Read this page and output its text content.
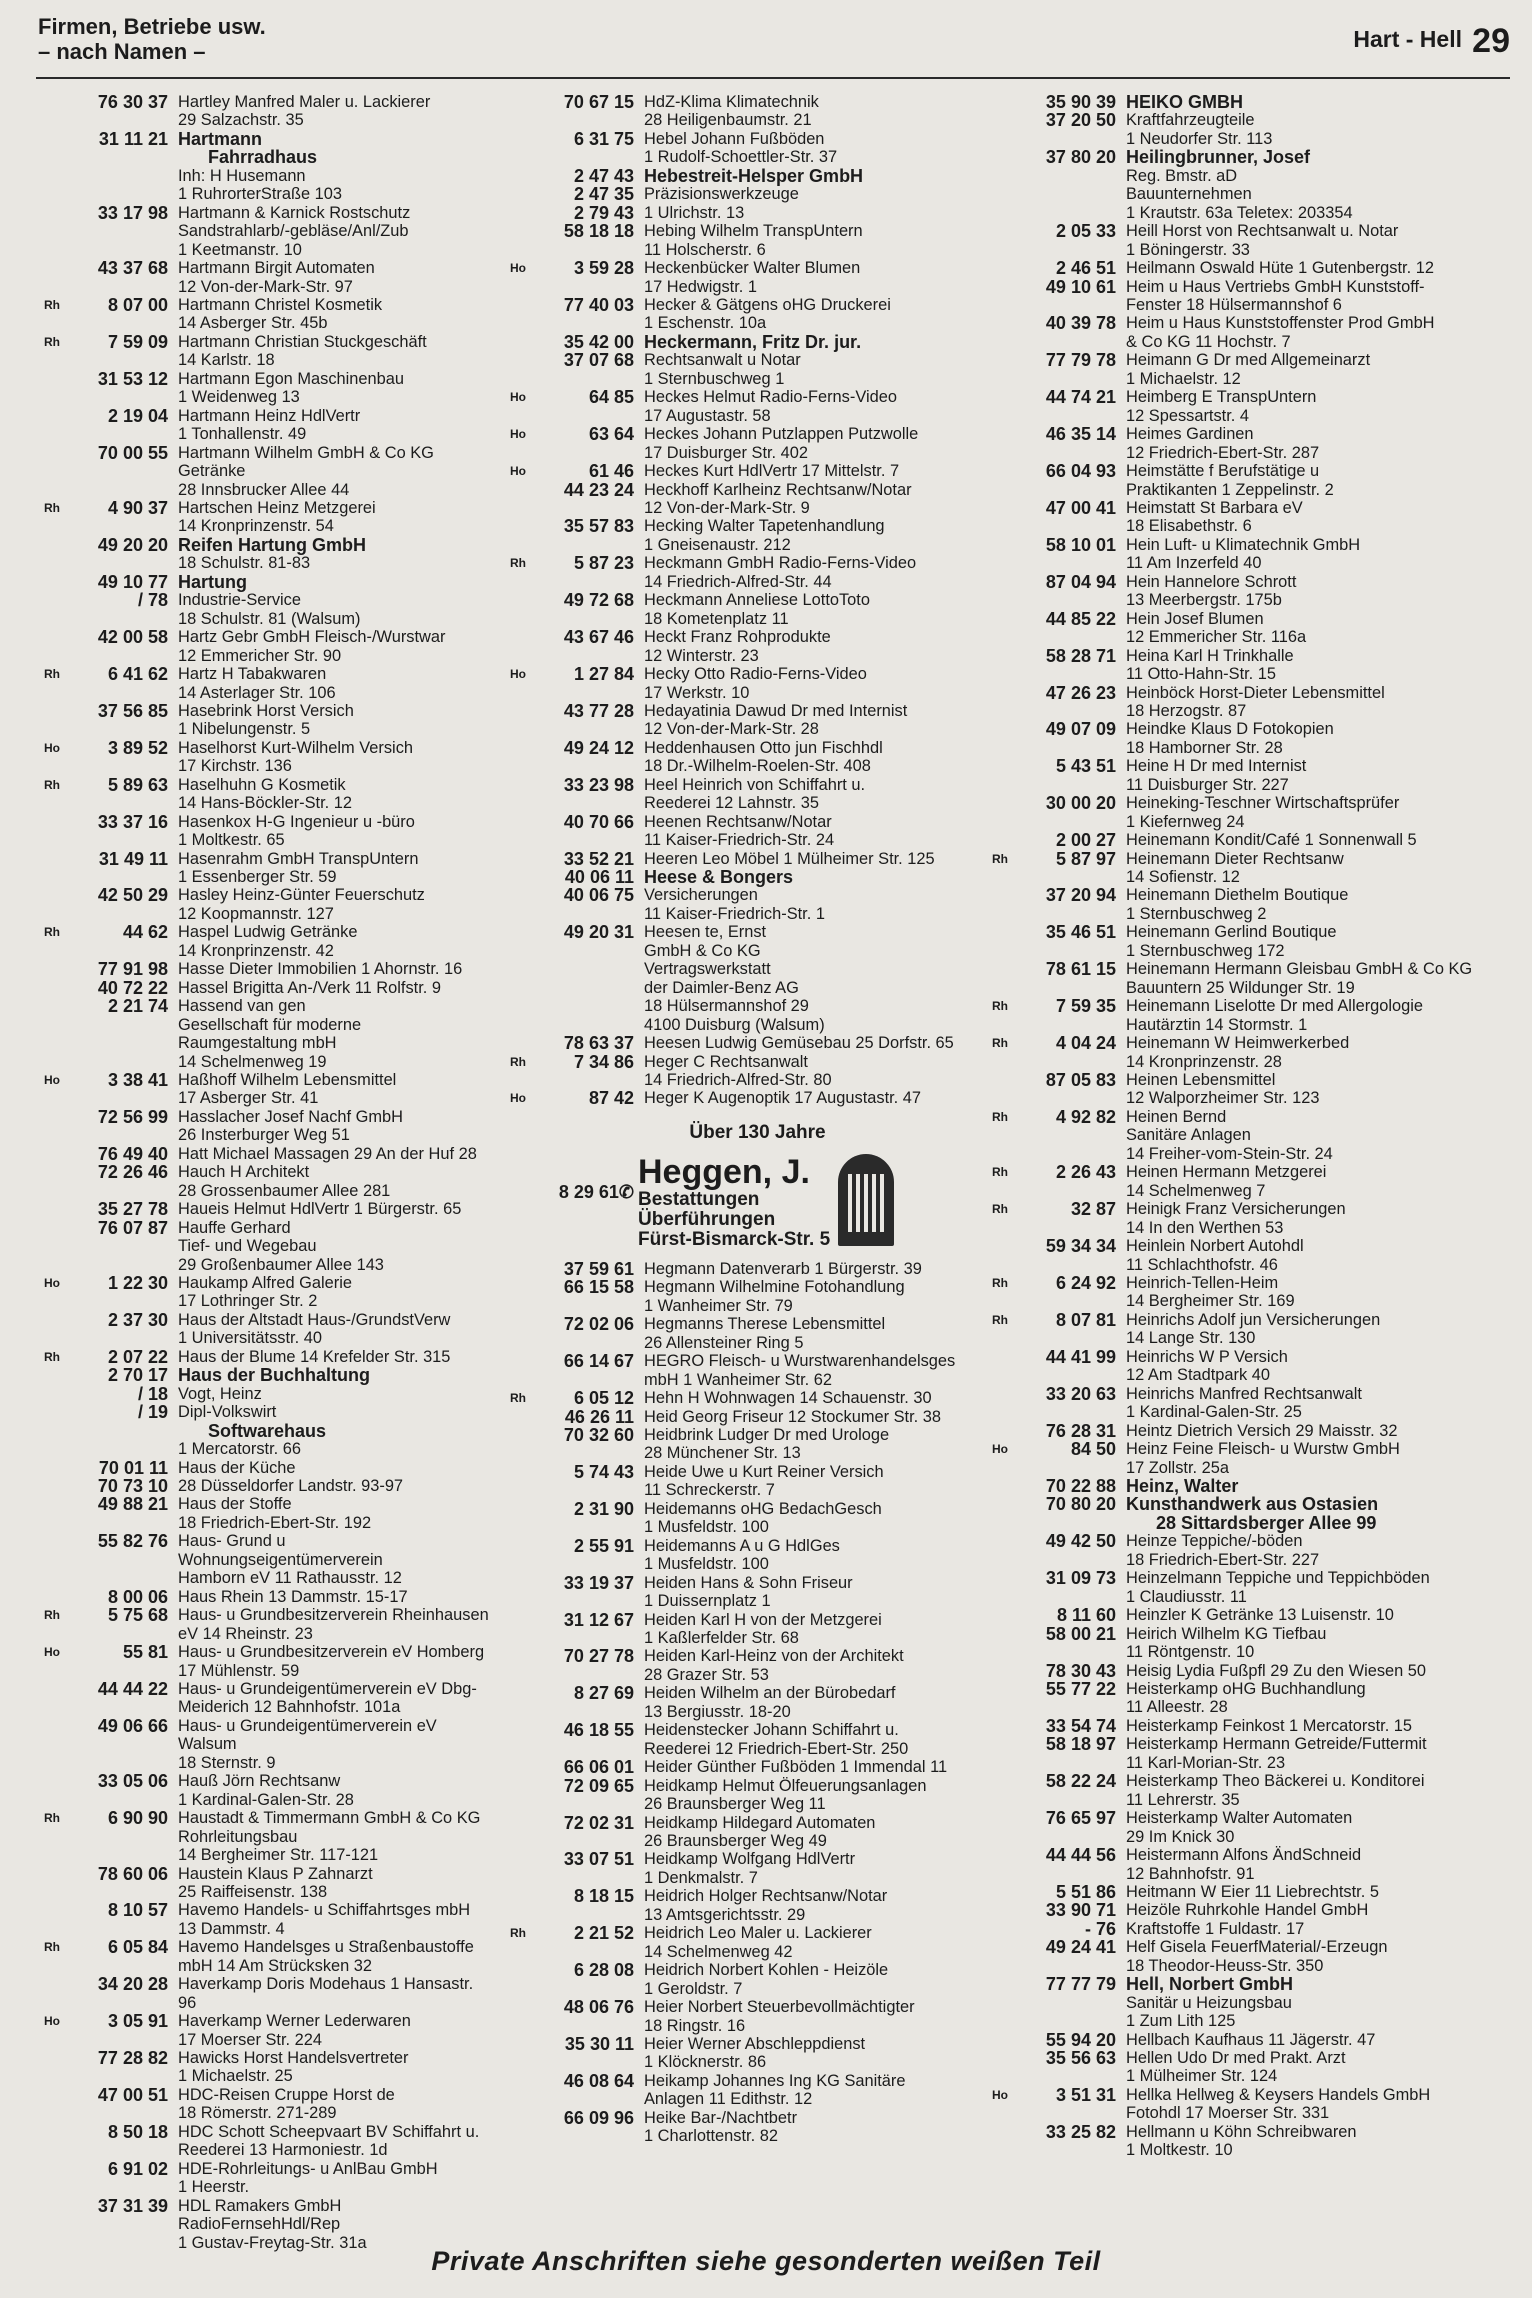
Firmen, Betriebe usw.
– nach Namen –	Hart - Hell 29
76 30 37 Hartley Manfred Maler u. Lackierer
29 Salzachstr. 35
31 11 21 Hartmann
Fahrradhaus
Inh: H Husemann
1 RuhrorterStraße 103
33 17 98 Hartmann & Karnick Rostschutz
Sandstrahlarb/-gebläse/Anl/Zub
1 Keetmanstr. 10
43 37 68 Hartmann Birgit Automaten
12 Von-der-Mark-Str. 97
Rh	8 07 00 Hartmann Christel Kosmetik
14 Asberger Str. 45b
Rh	7 59 09 Hartmann Christian Stuckgeschäft
14 Karlstr. 18
31 53 12 Hartmann Egon Maschinenbau
1 Weidenweg 13
2 19 04 Hartmann Heinz HdlVertr
1 Tonhallenstr. 49
70 00 55 Hartmann Wilhelm GmbH & Co KG Getränke
28 Innsbrucker Allee 44
Rh	4 90 37 Hartschen Heinz Metzgerei
14 Kronprinzenstr. 54
49 20 20 Reifen Hartung GmbH
18 Schulstr. 81-83
49 10 77 Hartung
/ 78 Industrie-Service
18 Schulstr. 81 (Walsum)
42 00 58 Hartz Gebr GmbH Fleisch-/Wurstwar
12 Emmericher Str. 90
Rh	6 41 62 Hartz H Tabakwaren
14 Asterlager Str. 106
37 56 85 Hasebrink Horst Versich
1 Nibelungenstr. 5
Ho	3 89 52 Haselhorst Kurt-Wilhelm Versich
17 Kirchstr. 136
Rh	5 89 63 Haselhuhn G Kosmetik
14 Hans-Böckler-Str. 12
33 37 16 Hasenkox H-G Ingenieur u -büro
1 Moltkestr. 65
31 49 11 Hasenrahm GmbH TranspUntern
1 Essenberger Str. 59
42 50 29 Hasley Heinz-Günter Feuerschutz
12 Koopmannstr. 127
Rh	44 62 Haspel Ludwig Getränke
14 Kronprinzenstr. 42
77 91 98 Hasse Dieter Immobilien 1 Ahornstr. 16
40 72 22 Hassel Brigitta An-/Verk 11 Rolfstr. 9
2 21 74 Hassend van gen
Gesellschaft für moderne
Raumgestaltung mbH
14 Schelmenweg 19
Ho	3 38 41 Haßhoff Wilhelm Lebensmittel
17 Asberger Str. 41
72 56 99 Hasslacher Josef Nachf GmbH
26 Insterburger Weg 51
76 49 40 Hatt Michael Massagen 29 An der Huf 28
72 26 46 Hauch H Architekt
28 Grossenbaumer Allee 281
35 27 78 Haueis Helmut HdlVertr 1 Bürgerstr. 65
76 07 87 Hauffe Gerhard
Tief- und Wegebau
29 Großenbaumer Allee 143
Ho	1 22 30 Haukamp Alfred Galerie
17 Lothringer Str. 2
2 37 30 Haus der Altstadt Haus-/GrundstVerw
1 Universitätsstr. 40
Rh	2 07 22 Haus der Blume 14 Krefelder Str. 315
2 70 17 Haus der Buchhaltung
/ 18 Vogt, Heinz
/ 19 Dipl-Volkswirt
Softwarehaus
1 Mercatorstr. 66
70 01 11 Haus der Küche
70 73 10 28 Düsseldorfer Landstr. 93-97
49 88 21 Haus der Stoffe
18 Friedrich-Ebert-Str. 192
55 82 76 Haus- Grund u Wohnungseigentümerverein
Hamborn eV 11 Rathausstr. 12
8 00 06 Haus Rhein 13 Dammstr. 15-17
Rh	5 75 68 Haus- u Grundbesitzerverein Rheinhausen
eV 14 Rheinstr. 23
Ho	55 81 Haus- u Grundbesitzerverein eV Homberg
17 Mühlenstr. 59
44 44 22 Haus- u Grundeigentümerverein eV Dbg-
Meiderich 12 Bahnhofstr. 101a
49 06 66 Haus- u Grundeigentümerverein eV Walsum
18 Sternstr. 9
33 05 06 Hauß Jörn Rechtsanw
1 Kardinal-Galen-Str. 28
Rh	6 90 90 Haustadt & Timmermann GmbH & Co KG
Rohrleitungsbau
14 Bergheimer Str. 117-121
78 60 06 Haustein Klaus P Zahnarzt
25 Raiffeisenstr. 138
8 10 57 Havemo Handels- u Schiffahrtsges mbH
13 Dammstr. 4
Rh	6 05 84 Havemo Handelsges u Straßenbaustoffe
mbH 14 Am Strücksken 32
34 20 28 Haverkamp Doris Modehaus 1 Hansastr. 96
Ho	3 05 91 Haverkamp Werner Lederwaren
17 Moerser Str. 224
77 28 82 Hawicks Horst Handelsvertreter
1 Michaelstr. 25
47 00 51 HDC-Reisen Cruppe Horst de
18 Römerstr. 271-289
8 50 18 HDC Schott Scheepvaart BV Schiffahrt u.
Reederei 13 Harmoniestr. 1d
6 91 02 HDE-Rohrleitungs- u AnlBau GmbH
1 Heerstr.
37 31 39 HDL Ramakers GmbH RadioFernsehHdl/Rep
1 Gustav-Freytag-Str. 31a
70 67 15 HdZ-Klima Klimatechnik
28 Heiligenbaumstr. 21
6 31 75 Hebel Johann Fußböden
1 Rudolf-Schoettler-Str. 37
2 47 43 Hebestreit-Helsper GmbH
2 47 35 Präzisionswerkzeuge
2 79 43 1 Ulrichstr. 13
58 18 18 Hebing Wilhelm TranspUntern
11 Holscherstr. 6
Ho	3 59 28 Heckenbücker Walter Blumen
17 Hedwigstr. 1
77 40 03 Hecker & Gätgens oHG Druckerei
1 Eschenstr. 10a
35 42 00 Heckermann, Fritz Dr. jur.
37 07 68 Rechtsanwalt u Notar
1 Sternbuschweg 1
Ho	64 85 Heckes Helmut Radio-Ferns-Video
17 Augustastr. 58
Ho	63 64 Heckes Johann Putzlappen Putzwolle
17 Duisburger Str. 402
Ho	61 46 Heckes Kurt HdlVertr 17 Mittelstr. 7
44 23 24 Heckhoff Karlheinz Rechtsanw/Notar
12 Von-der-Mark-Str. 9
35 57 83 Hecking Walter Tapetenhandlung
1 Gneisenaustr. 212
Rh	5 87 23 Heckmann GmbH Radio-Ferns-Video
14 Friedrich-Alfred-Str. 44
49 72 68 Heckmann Anneliese LottoToto
18 Kometenplatz 11
43 67 46 Heckt Franz Rohprodukte
12 Winterstr. 23
Ho	1 27 84 Hecky Otto Radio-Ferns-Video
17 Werkstr. 10
43 77 28 Hedayatinia Dawud Dr med Internist
12 Von-der-Mark-Str. 28
49 24 12 Heddenhausen Otto jun Fischhdl
18 Dr.-Wilhelm-Roelen-Str. 408
33 23 98 Heel Heinrich von Schiffahrt u.
Reederei 12 Lahnstr. 35
40 70 66 Heenen Rechtsanw/Notar
11 Kaiser-Friedrich-Str. 24
33 52 21 Heeren Leo Möbel 1 Mülheimer Str. 125
40 06 11 Heese & Bongers
40 06 75 Versicherungen
11 Kaiser-Friedrich-Str. 1
49 20 31 Heesen te, Ernst
GmbH & Co KG
Vertragswerkstatt
der Daimler-Benz AG
18 Hülsermannshof 29
4100 Duisburg (Walsum)
78 63 37 Heesen Ludwig Gemüsebau 25 Dorfstr. 65
Rh	7 34 86 Heger C Rechtsanwalt
14 Friedrich-Alfred-Str. 80
Ho	87 42 Heger K Augenoptik 17 Augustastr. 47
Über 130 Jahre
8 29 61✆
Heggen, J.
Bestattungen
Überführungen
Fürst-Bismarck-Str. 5
37 59 61 Hegmann Datenverarb 1 Bürgerstr. 39
66 15 58 Hegmann Wilhelmine Fotohandlung
1 Wanheimer Str. 79
72 02 06 Hegmanns Therese Lebensmittel
26 Allensteiner Ring 5
66 14 67 HEGRO Fleisch- u Wurstwarenhandelsges
mbH 1 Wanheimer Str. 62
Rh	6 05 12 Hehn H Wohnwagen 14 Schauenstr. 30
46 26 11 Heid Georg Friseur 12 Stockumer Str. 38
70 32 60 Heidbrink Ludger Dr med Urologe
28 Münchener Str. 13
5 74 43 Heide Uwe u Kurt Reiner Versich
11 Schreckerstr. 7
2 31 90 Heidemanns oHG BedachGesch
1 Musfeldstr. 100
2 55 91 Heidemanns A u G HdlGes
1 Musfeldstr. 100
33 19 37 Heiden Hans & Sohn Friseur
1 Duissernplatz 1
31 12 67 Heiden Karl H von der Metzgerei
1 Kaßlerfelder Str. 68
70 27 78 Heiden Karl-Heinz von der Architekt
28 Grazer Str. 53
8 27 69 Heiden Wilhelm an der Bürobedarf
13 Bergiusstr. 18-20
46 18 55 Heidenstecker Johann Schiffahrt u.
Reederei 12 Friedrich-Ebert-Str. 250
66 06 01 Heider Günther Fußböden 1 Immendal 11
72 09 65 Heidkamp Helmut Ölfeuerungsanlagen
26 Braunsberger Weg 11
72 02 31 Heidkamp Hildegard Automaten
26 Braunsberger Weg 49
33 07 51 Heidkamp Wolfgang HdlVertr
1 Denkmalstr. 7
8 18 15 Heidrich Holger Rechtsanw/Notar
13 Amtsgerichtsstr. 29
Rh	2 21 52 Heidrich Leo Maler u. Lackierer
14 Schelmenweg 42
6 28 08 Heidrich Norbert Kohlen - Heizöle
1 Geroldstr. 7
48 06 76 Heier Norbert Steuerbevollmächtigter
18 Ringstr. 16
35 30 11 Heier Werner Abschleppdienst
1 Klöcknerstr. 86
46 08 64 Heikamp Johannes Ing KG Sanitäre
Anlagen 11 Edithstr. 12
66 09 96 Heike Bar-/Nachtbetr
1 Charlottenstr. 82
35 90 39 HEIKO GMBH
37 20 50 Kraftfahrzeugteile
1 Neudorfer Str. 113
37 80 20 Heilingbrunner, Josef
Reg. Bmstr. aD
Bauunternehmen
1 Krautstr. 63a Teletex: 203354
2 05 33 Heill Horst von Rechtsanwalt u. Notar
1 Böningerstr. 33
2 46 51 Heilmann Oswald Hüte 1 Gutenbergstr. 12
49 10 61 Heim u Haus Vertriebs GmbH Kunststoff-
Fenster 18 Hülsermannshof 6
40 39 78 Heim u Haus Kunststoffenster Prod GmbH
& Co KG 11 Hochstr. 7
77 79 78 Heimann G Dr med Allgemeinarzt
1 Michaelstr. 12
44 74 21 Heimberg E TranspUntern
12 Spessartstr. 4
46 35 14 Heimes Gardinen
12 Friedrich-Ebert-Str. 287
66 04 93 Heimstätte f Berufstätige u
Praktikanten 1 Zeppelinstr. 2
47 00 41 Heimstatt St Barbara eV
18 Elisabethstr. 6
58 10 01 Hein Luft- u Klimatechnik GmbH
11 Am Inzerfeld 40
87 04 94 Hein Hannelore Schrott
13 Meerbergstr. 175b
44 85 22 Hein Josef Blumen
12 Emmericher Str. 116a
58 28 71 Heina Karl H Trinkhalle
11 Otto-Hahn-Str. 15
47 26 23 Heinböck Horst-Dieter Lebensmittel
18 Herzogstr. 87
49 07 09 Heindke Klaus D Fotokopien
18 Hamborner Str. 28
5 43 51 Heine H Dr med Internist
11 Duisburger Str. 227
30 00 20 Heineking-Teschner Wirtschaftsprüfer
1 Kiefernweg 24
2 00 27 Heinemann Kondit/Café 1 Sonnenwall 5
Rh	5 87 97 Heinemann Dieter Rechtsanw
14 Sofienstr. 12
37 20 94 Heinemann Diethelm Boutique
1 Sternbuschweg 2
35 46 51 Heinemann Gerlind Boutique
1 Sternbuschweg 172
78 61 15 Heinemann Hermann Gleisbau GmbH & Co KG
Bauuntern 25 Wildunger Str. 19
Rh	7 59 35 Heinemann Liselotte Dr med Allergologie
Hautärztin 14 Stormstr. 1
Rh	4 04 24 Heinemann W Heimwerkerbed
14 Kronprinzenstr. 28
87 05 83 Heinen Lebensmittel
12 Walporzheimer Str. 123
Rh	4 92 82 Heinen Bernd
Sanitäre Anlagen
14 Freiher-vom-Stein-Str. 24
Rh	2 26 43 Heinen Hermann Metzgerei
14 Schelmenweg 7
Rh	32 87 Heinigk Franz Versicherungen
14 In den Werthen 53
59 34 34 Heinlein Norbert Autohdl
11 Schlachthofstr. 46
Rh	6 24 92 Heinrich-Tellen-Heim
14 Bergheimer Str. 169
Rh	8 07 81 Heinrichs Adolf jun Versicherungen
14 Lange Str. 130
44 41 99 Heinrichs W P Versich
12 Am Stadtpark 40
33 20 63 Heinrichs Manfred Rechtsanwalt
1 Kardinal-Galen-Str. 25
76 28 31 Heintz Dietrich Versich 29 Maisstr. 32
Ho	84 50 Heinz Feine Fleisch- u Wurstw GmbH
17 Zollstr. 25a
70 22 88 Heinz, Walter
70 80 20 Kunsthandwerk aus Ostasien
28 Sittardsberger Allee 99
49 42 50 Heinze Teppiche/-böden
18 Friedrich-Ebert-Str. 227
31 09 73 Heinzelmann Teppiche und Teppichböden
1 Claudiusstr. 11
8 11 60 Heinzler K Getränke 13 Luisenstr. 10
58 00 21 Heirich Wilhelm KG Tiefbau
11 Röntgenstr. 10
78 30 43 Heisig Lydia Fußpfl 29 Zu den Wiesen 50
55 77 22 Heisterkamp oHG Buchhandlung
11 Alleestr. 28
33 54 74 Heisterkamp Feinkost 1 Mercatorstr. 15
58 18 97 Heisterkamp Hermann Getreide/Futtermit
11 Karl-Morian-Str. 23
58 22 24 Heisterkamp Theo Bäckerei u. Konditorei
11 Lehrerstr. 35
76 65 97 Heisterkamp Walter Automaten
29 Im Knick 30
44 44 56 Heistermann Alfons ÄndSchneid
12 Bahnhofstr. 91
5 51 86 Heitmann W Eier 11 Liebrechtstr. 5
33 90 71 Heizöle Ruhrkohle Handel GmbH
- 76 Kraftstoffe 1 Fuldastr. 17
49 24 41 Helf Gisela FeuerfMaterial/-Erzeugn
18 Theodor-Heuss-Str. 350
77 77 79 Hell, Norbert GmbH
Sanitär u Heizungsbau
1 Zum Lith 125
55 94 20 Hellbach Kaufhaus 11 Jägerstr. 47
35 56 63 Hellen Udo Dr med Prakt. Arzt
1 Mülheimer Str. 124
Ho	3 51 31 Hellka Hellweg & Keysers Handels GmbH
Fotohdl 17 Moerser Str. 331
33 25 82 Hellmann u Köhn Schreibwaren
1 Moltkestr. 10
Private Anschriften siehe gesonderten weißen Teil
